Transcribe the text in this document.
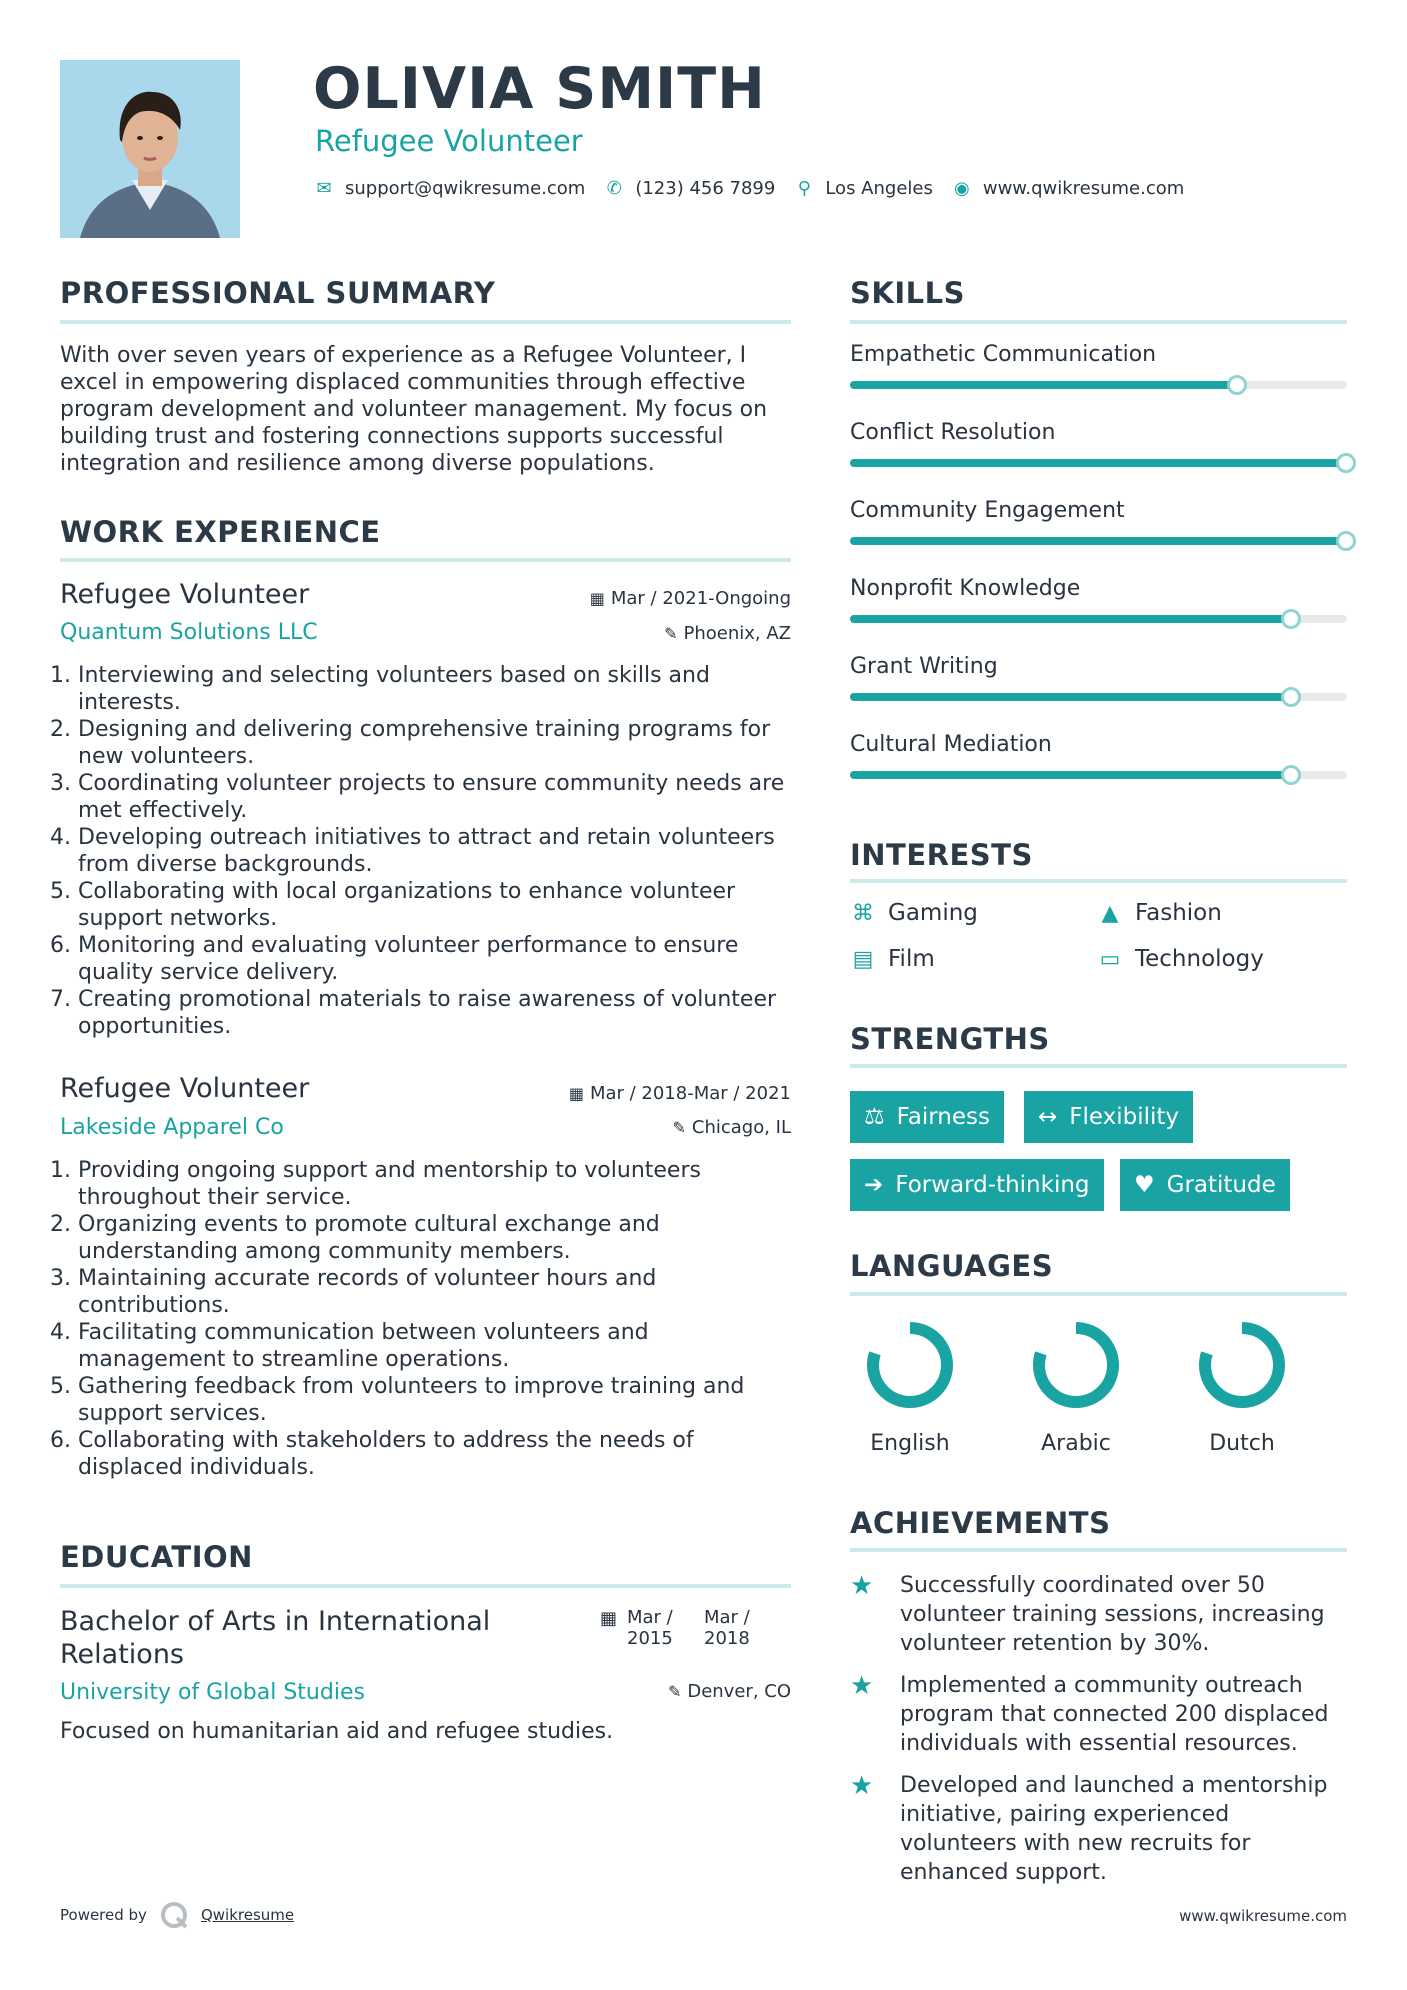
OLIVIA SMITH
Refugee Volunteer
✉ support@qwikresume.com ✆ (123) 456 7899 ⚲ Los Angeles ◉ www.qwikresume.com
PROFESSIONAL SUMMARY
With over seven years of experience as a Refugee Volunteer, I excel in empowering displaced communities through effective program development and volunteer management. My focus on building trust and fostering connections supports successful integration and resilience among diverse populations.
WORK EXPERIENCE
Refugee Volunteer	▦ Mar / 2021-Ongoing
Quantum Solutions LLC	✎ Phoenix, AZ
1. Interviewing and selecting volunteers based on skills and interests.
2. Designing and delivering comprehensive training programs for new volunteers.
3. Coordinating volunteer projects to ensure community needs are met effectively.
4. Developing outreach initiatives to attract and retain volunteers from diverse backgrounds.
5. Collaborating with local organizations to enhance volunteer support networks.
6. Monitoring and evaluating volunteer performance to ensure quality service delivery.
7. Creating promotional materials to raise awareness of volunteer opportunities.
Refugee Volunteer	▦ Mar / 2018-Mar / 2021
Lakeside Apparel Co	✎ Chicago, IL
1. Providing ongoing support and mentorship to volunteers throughout their service.
2. Organizing events to promote cultural exchange and understanding among community members.
3. Maintaining accurate records of volunteer hours and contributions.
4. Facilitating communication between volunteers and management to streamline operations.
5. Gathering feedback from volunteers to improve training and support services.
6. Collaborating with stakeholders to address the needs of displaced individuals.
EDUCATION
Bachelor of Arts in International Relations
▦ Mar / 2015
Mar / 2018
University of Global Studies	✎ Denver, CO
Focused on humanitarian aid and refugee studies.
Powered by	Qwikresume
SKILLS
Empathetic Communication
Conflict Resolution
Community Engagement
Nonprofit Knowledge
Grant Writing
Cultural Mediation
INTERESTS
⌘ Gaming	▲ Fashion
▤ Film	▭ Technology
STRENGTHS
⚖ Fairness ↔ Flexibility
➔ Forward-thinking ♥ Gratitude
LANGUAGES
English	Arabic	Dutch
ACHIEVEMENTS
★	Successfully coordinated over 50 volunteer training sessions, increasing volunteer retention by 30%.
★	Implemented a community outreach program that connected 200 displaced individuals with essential resources.
★	Developed and launched a mentorship initiative, pairing experienced volunteers with new recruits for enhanced support.
www.qwikresume.com
